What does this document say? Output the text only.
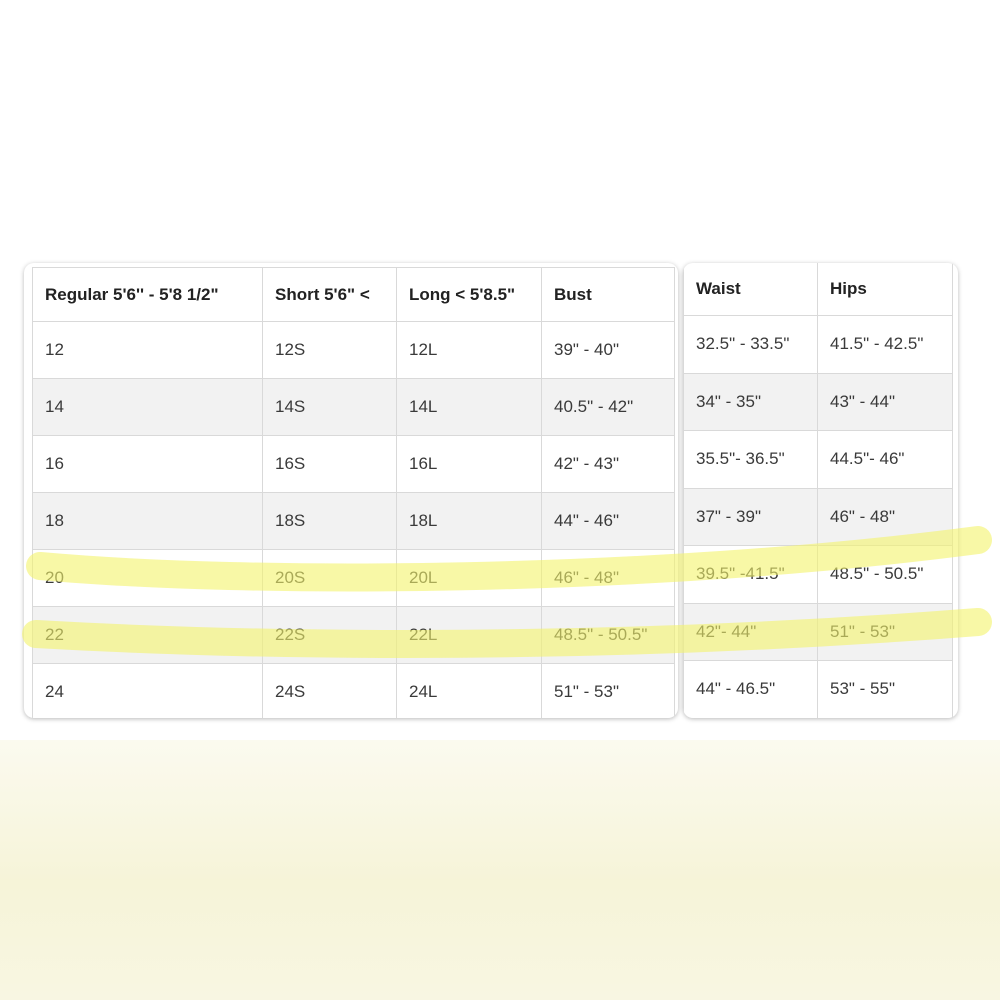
Regular 5'6'' - 5'8 1/2"	Short 5'6" <	Long < 5'8.5"	Bust
12	12S	12L	39" - 40"
14	14S	14L	40.5" - 42"
16	16S	16L	42" - 43"
18	18S	18L	44" - 46"
20	20S	20L	46" - 48"
22	22S	22L	48.5" - 50.5"
24	24S	24L	51" - 53"
Waist	Hips
32.5" - 33.5"	41.5" - 42.5"
34" - 35"	43" - 44"
35.5"- 36.5"	44.5"- 46"
37" - 39"	46" - 48"
39.5" -41.5"	48.5" - 50.5"
42"- 44"	51" - 53"
44" - 46.5"	53" - 55"
